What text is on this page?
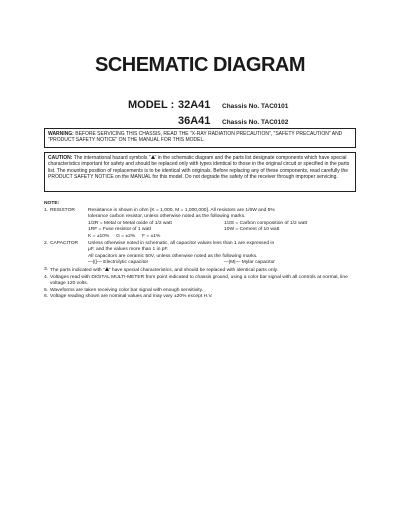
SCHEMATIC DIAGRAM
MODEL : 32A41	Chassis No. TAC0101
36A41	Chassis No. TAC0102
WARNING: BEFORE SERVICING THIS CHASSIS, READ THE "X-RAY RADIATION PRECAUTION", "SAFETY PRECAUTION" AND "PRODUCT SAFETY NOTICE" ON THE MANUAL FOR THIS MODEL.
CAUTION: The international hazard symbols " " in the schematic diagram and the parts list designate components which have special characteristics important for safety and should be replaced only with types identical to those in the original circuit or specified in the parts list. The mounting position of replacements is to be identical with originals. Before replacing any of these components, read carefully the PRODUCT SAFETY NOTICE on the MANUAL for this model. Do not degrade the safety of the receiver through improper servicing.
NOTE:
1. RESISTOR	Resistance is shown in ohm [K = 1,000, M = 1,000,000]. All resistors are 1/6W and 5%
tolerance carbon resistor, unless otherwise noted as the following marks.
1/2R = Metal or Metal oxide of 1/2 watt	1/2S = Carbon composition of 1/2 watt
1RF = Fuse resistor of 1 watt	10W = Cement of 10 watt
K = ±10%     G = ±2%     F = ±1%
2. CAPACITOR	Unless otherwise noted in schematic, all capacitor values less than 1 are expressed in
µF, and the values more than 1 in pF.
All capacitors are ceramic 50V, unless otherwise noted as the following marks.
—|(|— Electrolytic capacitor	—|M|— Mylar capacitor
3. The parts indicated with " " have special characteristics, and should be replaced with identical parts only.
4. Voltages read with DIGITAL MULTI-METER from point indicated to chassis ground, using a color bar signal with all controls at normal, line voltage 120 volts.
5. Waveforms are taken receiving color bar signal with enough sensitivity.
6. Voltage reading shown are nominal values and may vary ±20% except H.V.
